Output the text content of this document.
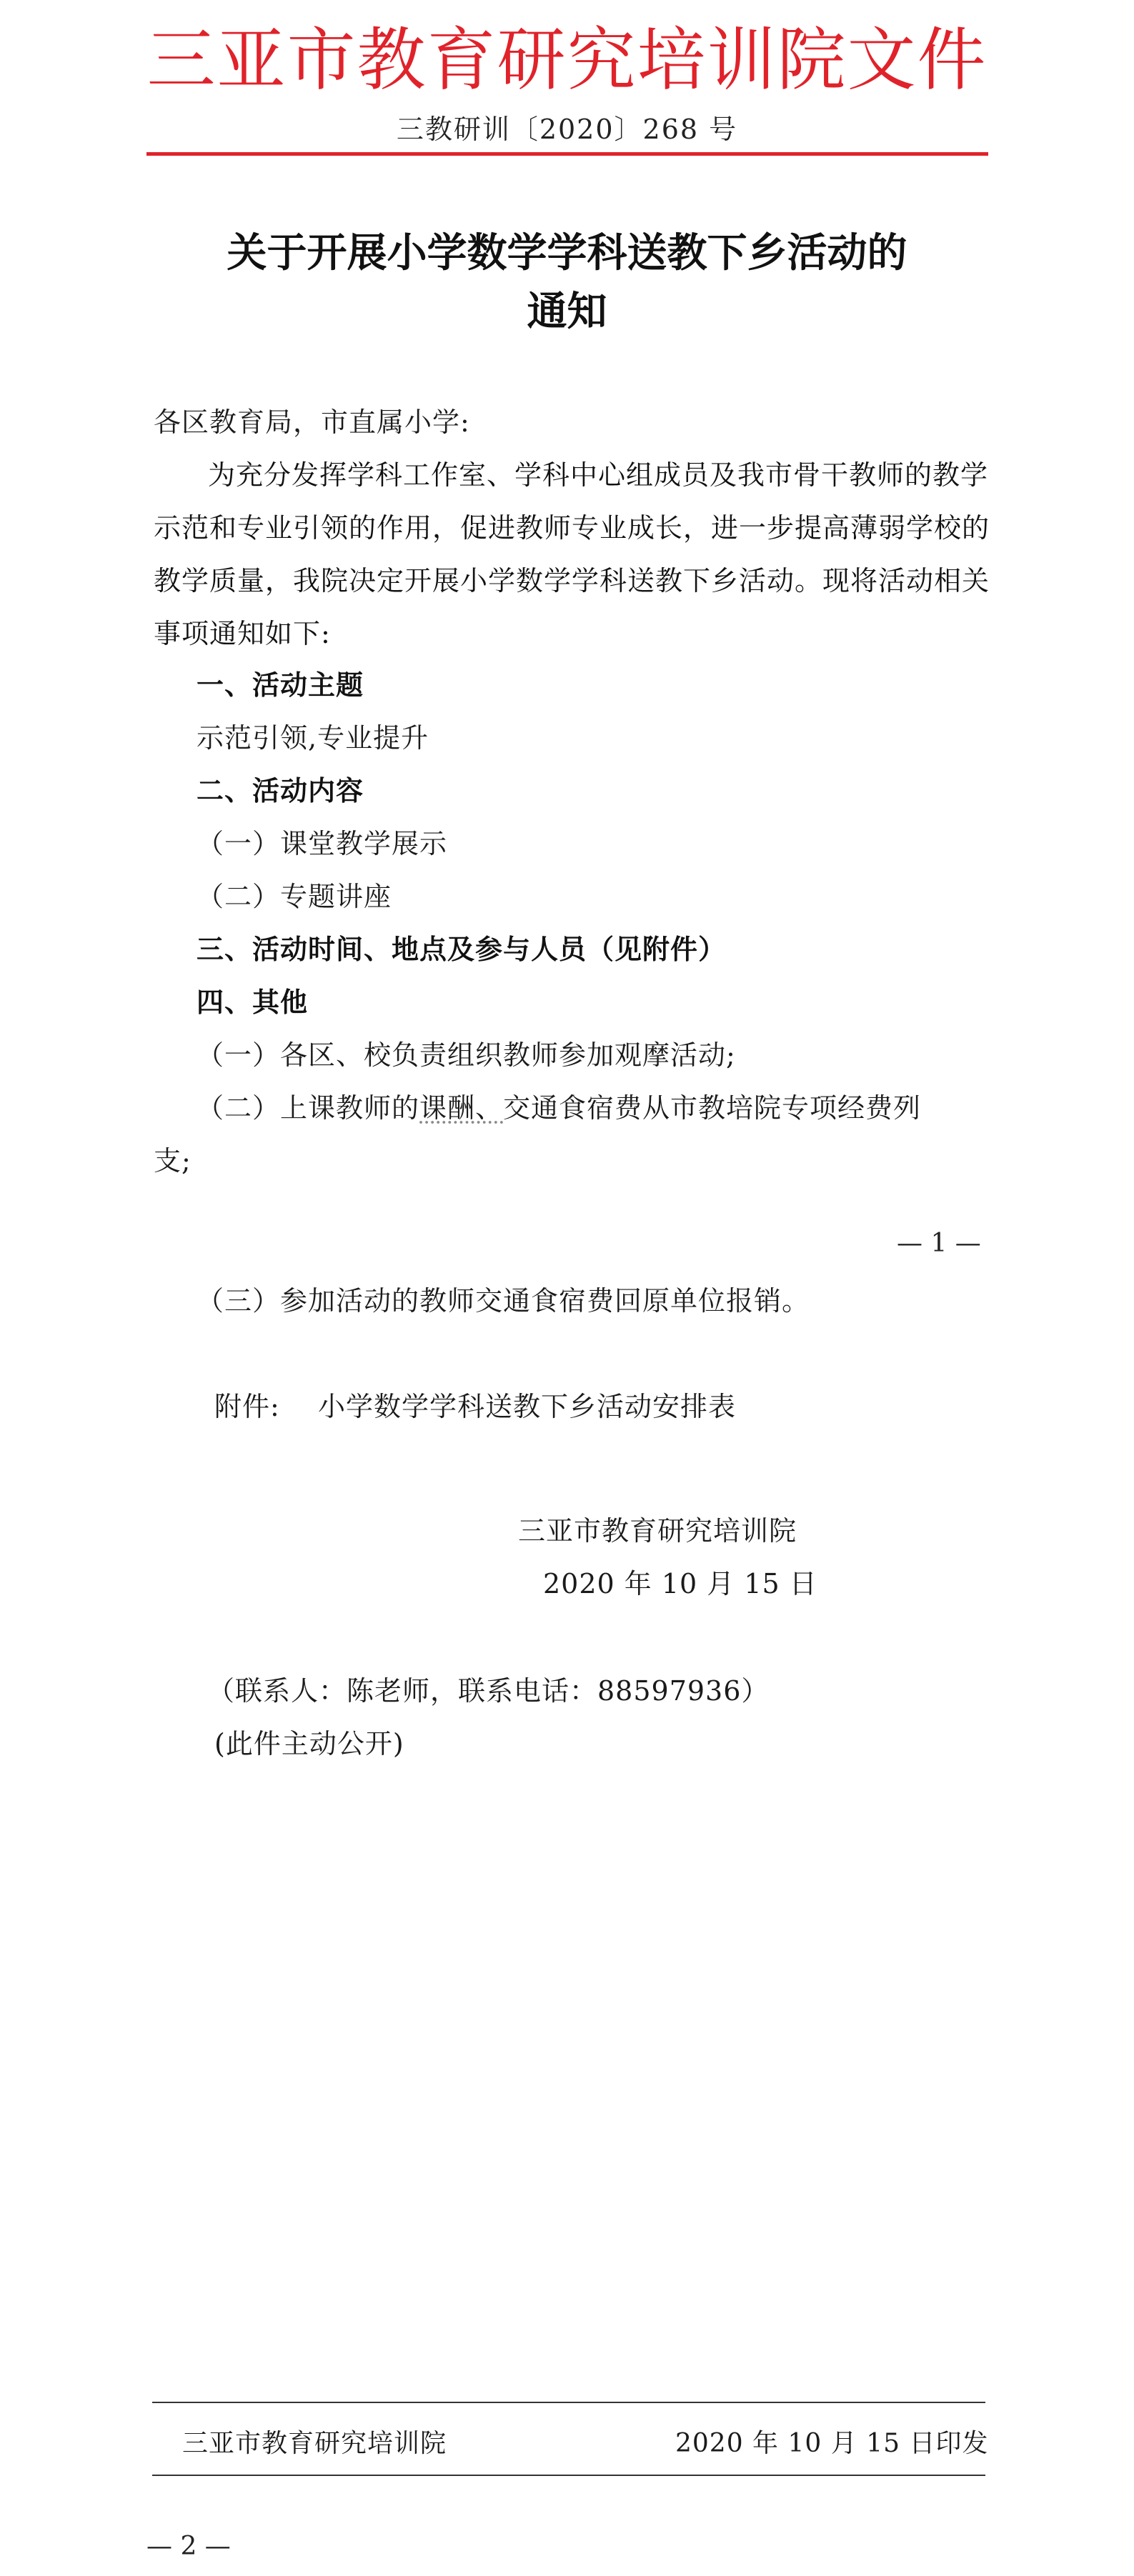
三亚市教育研究培训院文件
三教研训〔2020〕268 号
关于开展小学数学学科送教下乡活动的
通知
各区教育局，市直属小学:
为充分发挥学科工作室、学科中心组成员及我市骨干教师的教学示范和专业引领的作用，促进教师专业成长，进一步提高薄弱学校的教学质量，我院决定开展小学数学学科送教下乡活动。现将活动相关事项通知如下:
一、活动主题
示范引领,专业提升
二、活动内容
（一）课堂教学展示
（二）专题讲座
三、活动时间、地点及参与人员（见附件）
四、其他
（一）各区、校负责组织教师参加观摩活动;
（二）上课教师的课酬、交通食宿费从市教培院专项经费列
支;
— 1 —
（三）参加活动的教师交通食宿费回原单位报销。
附件: 小学数学学科送教下乡活动安排表
三亚市教育研究培训院
2020 年 10 月 15 日
（联系人：陈老师，联系电话：88597936）
(此件主动公开)
三亚市教育研究培训院	2020 年 10 月 15 日印发
— 2 —
